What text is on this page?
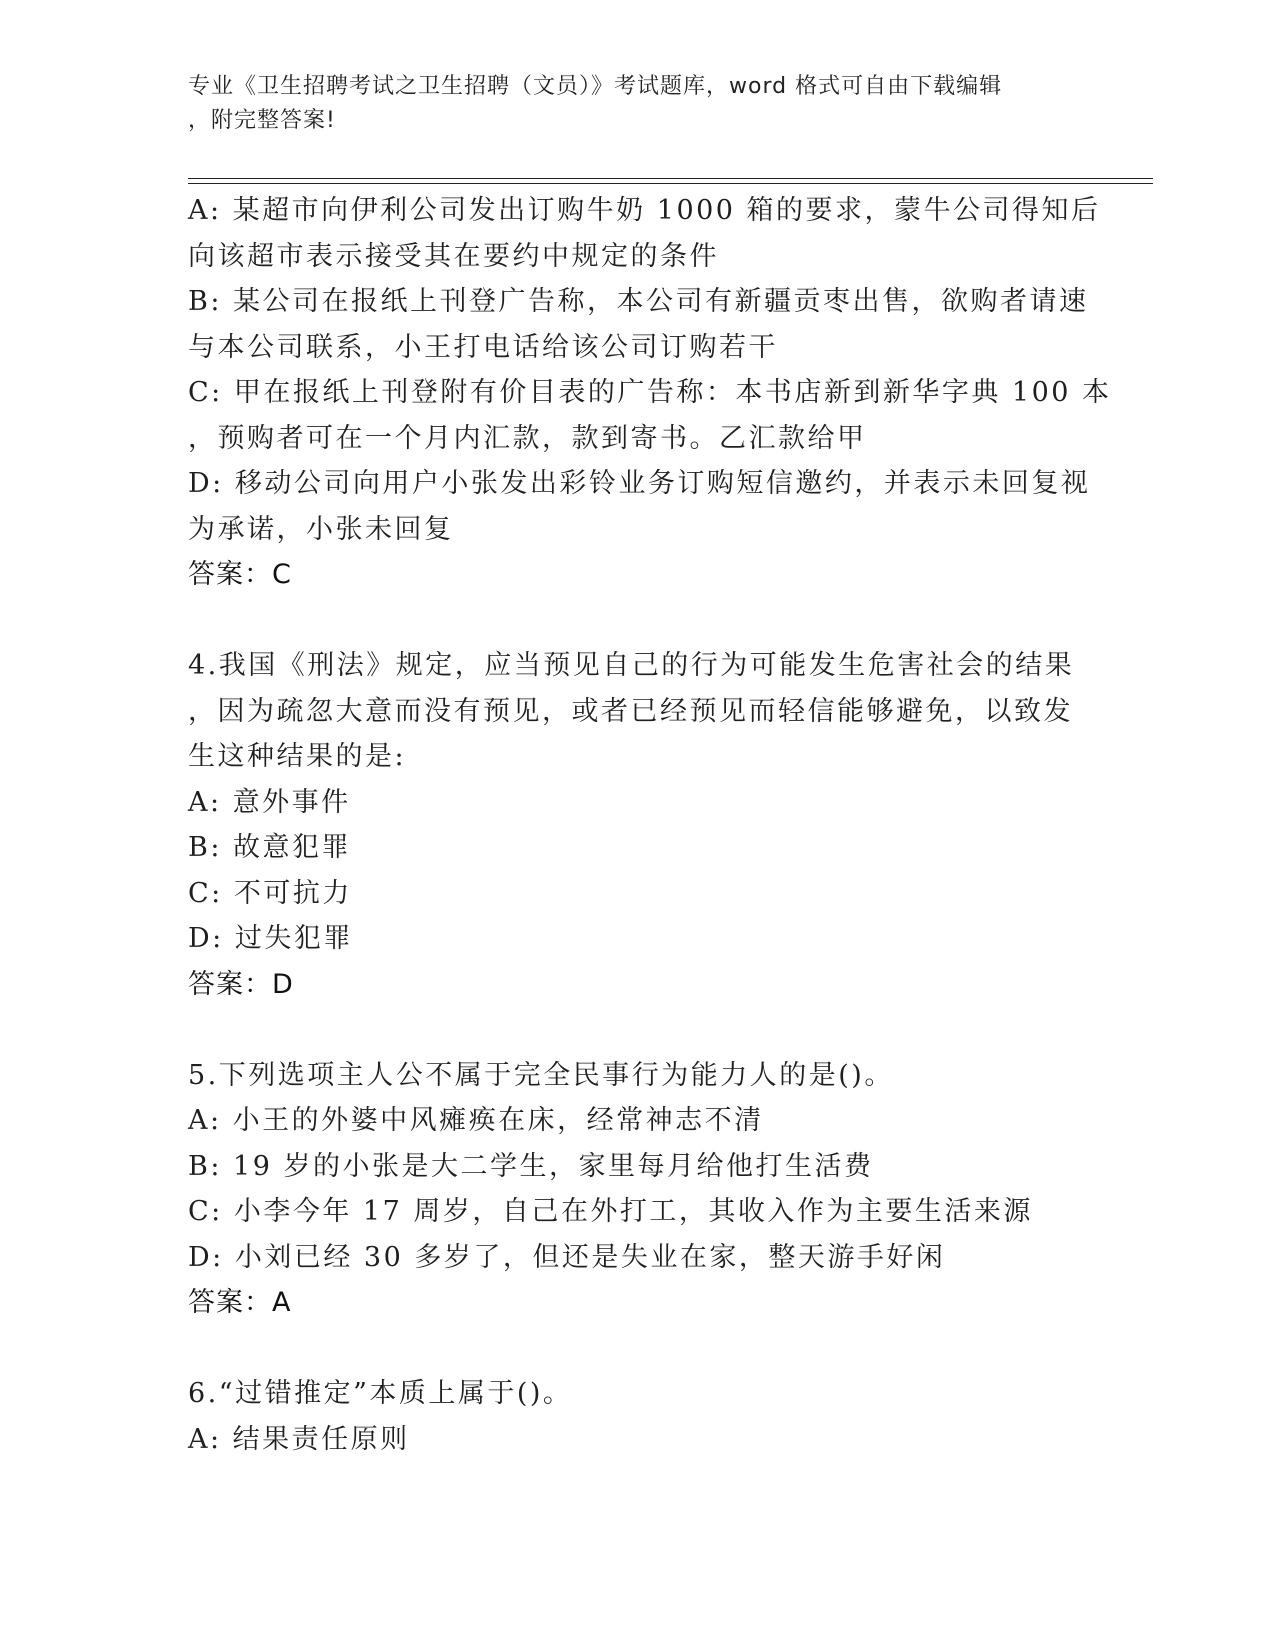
专业《卫生招聘考试之卫生招聘（文员）》考试题库，word 格式可自由下载编辑
，附完整答案!
A: 某超市向伊利公司发出订购牛奶 1000 箱的要求，蒙牛公司得知后
向该超市表示接受其在要约中规定的条件
B: 某公司在报纸上刊登广告称，本公司有新疆贡枣出售，欲购者请速
与本公司联系，小王打电话给该公司订购若干
C: 甲在报纸上刊登附有价目表的广告称：本书店新到新华字典 100 本
，预购者可在一个月内汇款，款到寄书。乙汇款给甲
D: 移动公司向用户小张发出彩铃业务订购短信邀约，并表示未回复视
为承诺，小张未回复
答案：C
4.我国《刑法》规定，应当预见自己的行为可能发生危害社会的结果
，因为疏忽大意而没有预见，或者已经预见而轻信能够避免，以致发
生这种结果的是:
A: 意外事件
B: 故意犯罪
C: 不可抗力
D: 过失犯罪
答案：D
5.下列选项主人公不属于完全民事行为能力人的是()。
A: 小王的外婆中风瘫痪在床，经常神志不清
B: 19 岁的小张是大二学生，家里每月给他打生活费
C: 小李今年 17 周岁，自己在外打工，其收入作为主要生活来源
D: 小刘已经 30 多岁了，但还是失业在家，整天游手好闲
答案：A
6.“过错推定”本质上属于()。
A: 结果责任原则
